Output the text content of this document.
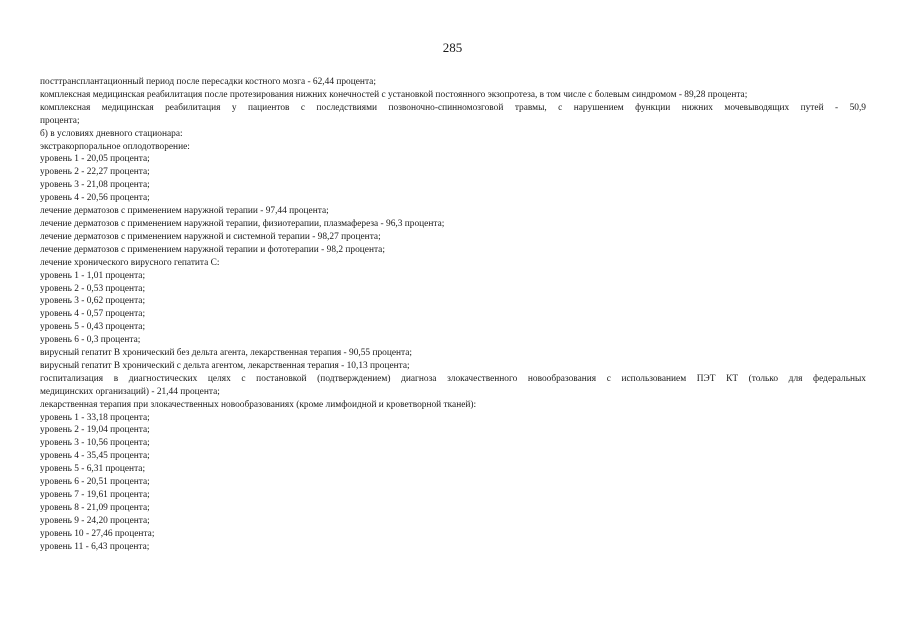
285
посттрансплантационный период после пересадки костного мозга - 62,44 процента;
комплексная медицинская реабилитация после протезирования нижних конечностей с установкой постоянного экзопротеза, в том числе с болевым синдромом - 89,28 процента;
комплексная медицинская реабилитация у пациентов с последствиями позвоночно-спинномозговой травмы, с нарушением функции нижних мочевыводящих путей - 50,9
процента;
б) в условиях дневного стационара:
экстракорпоральное оплодотворение:
уровень 1 - 20,05 процента;
уровень 2 - 22,27 процента;
уровень 3 - 21,08 процента;
уровень 4 - 20,56 процента;
лечение дерматозов с применением наружной терапии - 97,44 процента;
лечение дерматозов с применением наружной терапии, физиотерапии, плазмафереза - 96,3 процента;
лечение дерматозов с применением наружной и системной терапии - 98,27 процента;
лечение дерматозов с применением наружной терапии и фототерапии - 98,2 процента;
лечение хронического вирусного гепатита С:
уровень 1 - 1,01 процента;
уровень 2 - 0,53 процента;
уровень 3 - 0,62 процента;
уровень 4 - 0,57 процента;
уровень 5 - 0,43 процента;
уровень 6 - 0,3 процента;
вирусный гепатит В хронический без дельта агента, лекарственная терапия - 90,55 процента;
вирусный гепатит В хронический с дельта агентом, лекарственная терапия - 10,13 процента;
госпитализация в диагностических целях с постановкой (подтверждением) диагноза злокачественного новообразования с использованием ПЭТ КТ (только для федеральных
медицинских организаций) - 21,44 процента;
лекарственная терапия при злокачественных новообразованиях (кроме лимфоидной и кроветворной тканей):
уровень 1 - 33,18 процента;
уровень 2 - 19,04 процента;
уровень 3 - 10,56 процента;
уровень 4 - 35,45 процента;
уровень 5 - 6,31 процента;
уровень 6 - 20,51 процента;
уровень 7 - 19,61 процента;
уровень 8 - 21,09 процента;
уровень 9 - 24,20 процента;
уровень 10 - 27,46 процента;
уровень 11 - 6,43 процента;
